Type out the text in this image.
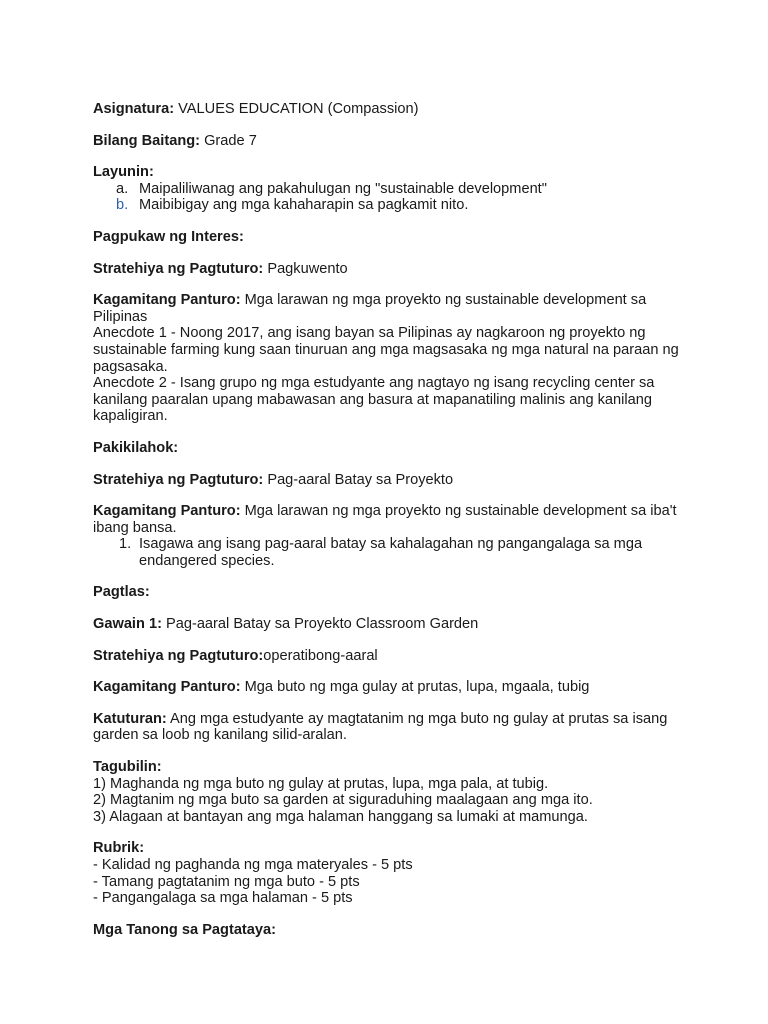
Asignatura: VALUES EDUCATION (Compassion)

Bilang Baitang: Grade 7

Layunin:

a. Maipaliliwanag ang pakahulugan ng "sustainable development"
b. Maibibigay ang mga kahaharapin sa pagkamit nito.

Pagpukaw ng Interes:

Stratehiya ng Pagtuturo: Pagkuwento

Kagamitang Panturo: Mga larawan ng mga proyekto ng sustainable development sa Pilipinas

Anecdote 1 - Noong 2017, ang isang bayan sa Pilipinas ay nagkaroon ng proyekto ng sustainable farming kung saan tinuruan ang mga magsasaka ng mga natural na paraan ng pagsasaka.

Anecdote 2 - Isang grupo ng mga estudyante ang nagtayo ng isang recycling center sa kanilang paaralan upang mabawasan ang basura at mapanatiling malinis ang kanilang kapaligiran.

Pakikilahok:

Stratehiya ng Pagtuturo: Pag-aaral Batay sa Proyekto

Kagamitang Panturo: Mga larawan ng mga proyekto ng sustainable development sa iba't ibang bansa.

1. Isagawa ang isang pag-aaral batay sa kahalagahan ng pangangalaga sa mga endangered species.

Pagtlas:

Gawain 1: Pag-aaral Batay sa Proyekto Classroom Garden

Stratehiya ng Pagtuturo:operatibong-aaral

Kagamitang Panturo: Mga buto ng mga gulay at prutas, lupa, mgaala, tubig

Katuturan: Ang mga estudyante ay magtatanim ng mga buto ng gulay at prutas sa isang garden sa loob ng kanilang silid-aralan.

Tagubilin:

1) Maghanda ng mga buto ng gulay at prutas, lupa, mga pala, at tubig.

2) Magtanim ng mga buto sa garden at siguraduhing maalagaan ang mga ito.

3) Alagaan at bantayan ang mga halaman hanggang sa lumaki at mamunga.

Rubrik:

- Kalidad ng paghanda ng mga materyales - 5 pts

- Tamang pagtatanim ng mga buto - 5 pts

- Pangangalaga sa mga halaman - 5 pts

Mga Tanong sa Pagtataya:
